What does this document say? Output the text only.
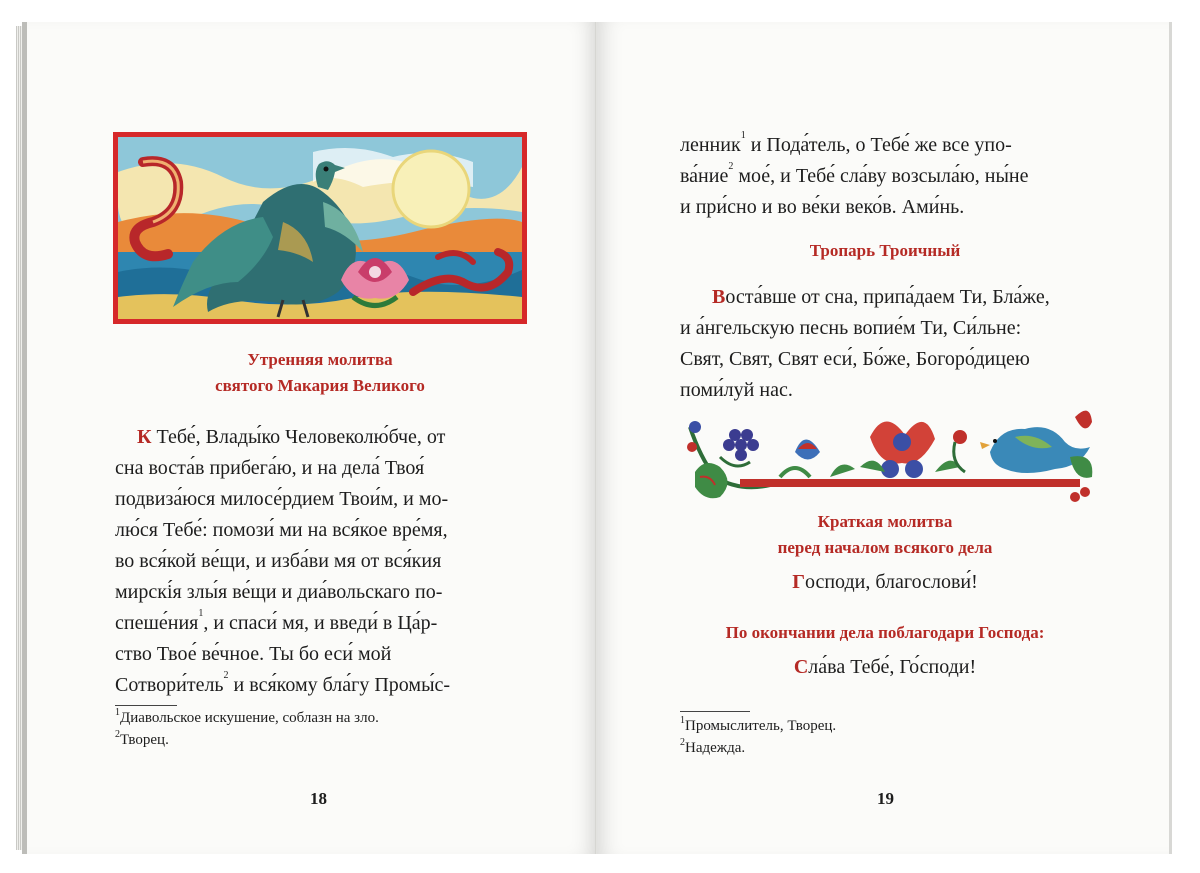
Утренняя молитва
святого Макария Великого
К Тебе́, Влады́ко Человеколю́бче, от
сна воста́в прибега́ю, и на дела́ Твоя́
подвиза́юся милосе́рдием Твои́м, и мо-
лю́ся Тебе́: помози́ ми на вся́кое вре́мя,
во вся́кой ве́щи, и изба́ви мя от вся́кия
мирскі́я злы́я ве́щи и диа́вольскаго по-
спеше́ния$^1$, и спаси́ мя, и введи́ в Ца́р-
ство Твое́ ве́чное. Ты бо еси́ мой
Сотвори́тель$^2$ и вся́кому бла́гу Промы́с-
$^1$Диавольское искушение, соблазн на зло.
$^2$Творец.
18
ленник$^1$ и Пода́тель, о Тебе́ же все упо-
ва́ние$^2$ мое́, и Тебе́ сла́ву возсыла́ю, ны́не
и при́сно и во ве́ки веко́в. Ами́нь.
Тропарь Троичный
Воста́вше от сна, припа́даем Ти, Бла́же,
и а́нгельскую песнь вопие́м Ти, Си́льне:
Свят, Свят, Свят еси́, Бо́же, Богоро́дицею
поми́луй нас.
Краткая молитва
перед началом всякого дела
Господи, благослови́!
По окончании дела поблагодари Господа:
Сла́ва Тебе́, Го́споди!
$^1$Промыслитель, Творец.
$^2$Надежда.
19
